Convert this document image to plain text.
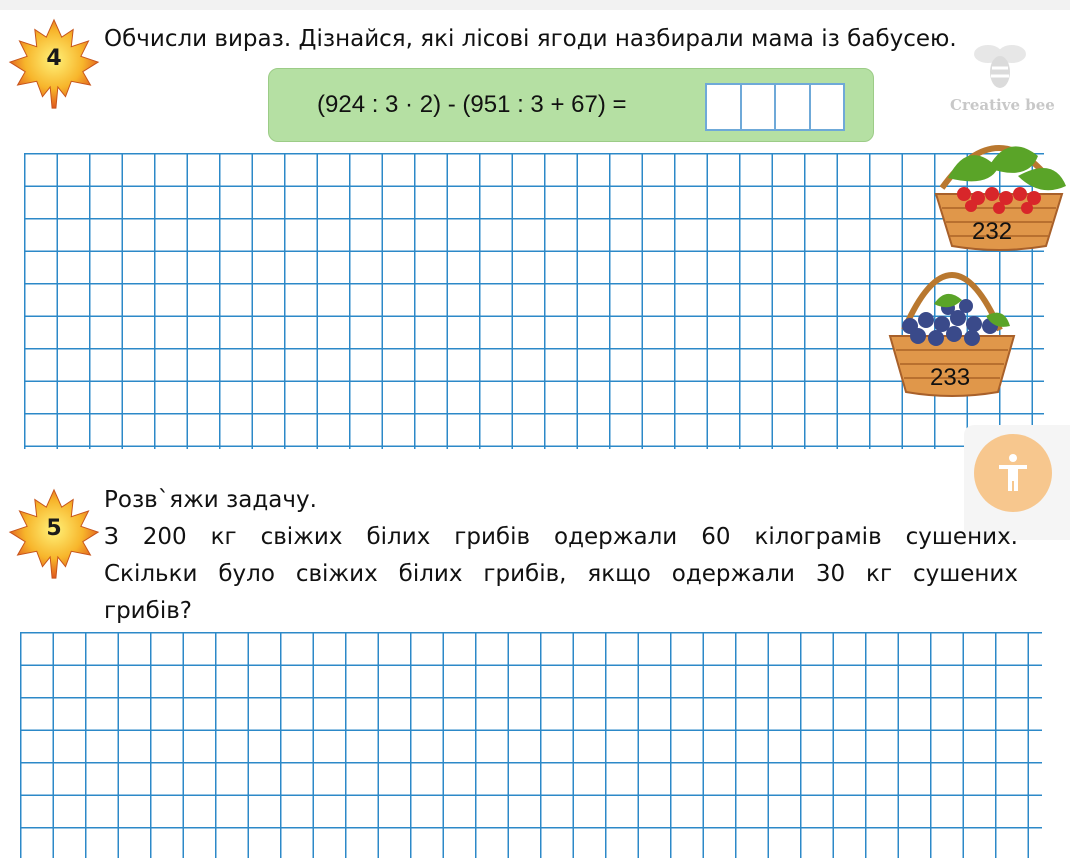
4
Обчисли вираз. Дізнайся, які лісові ягоди назбирали мама із бабусею.
(924 : 3 · 2) - (951 : 3 + 67) =	Creative bee
232
233
5
Розв`яжи задачу.
З 200 кг свіжих білих грибів одержали 60 кілограмів сушених.
Скільки було свіжих білих грибів, якщо одержали 30 кг сушених
грибів?
